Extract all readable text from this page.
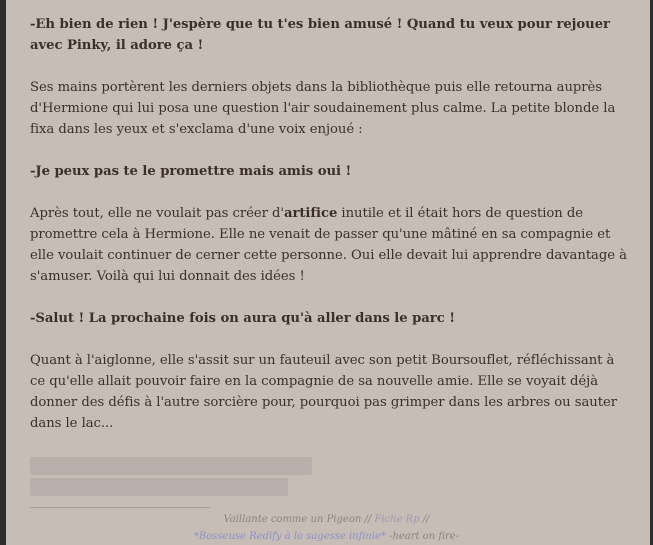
-Eh bien de rien ! J'espère que tu t'es bien amusé ! Quand tu veux pour rejouer avec Pinky, il adore ça !

Ses mains portèrent les derniers objets dans la bibliothèque puis elle retourna auprès d'Hermione qui lui posa une question l'air soudainement plus calme. La petite blonde la fixa dans les yeux et s'exclama d'une voix enjoué :

-Je peux pas te le promettre mais amis oui !

Après tout, elle ne voulait pas créer d'artifice inutile et il était hors de question de promettre cela à Hermione. Elle ne venait de passer qu'une mâtiné en sa compagnie et elle voulait continuer de cerner cette personne. Oui elle devait lui apprendre davantage à s'amuser. Voilà qui lui donnait des idées !

-Salut ! La prochaine fois on aura qu'à aller dans le parc !

Quant à l'aiglonne, elle s'assit sur un fauteuil avec son petit Boursouflet, réfléchissant à ce qu'elle allait pouvoir faire en la compagnie de sa nouvelle amie. Elle se voyait déjà donner des défis à l'autre sorcière pour, pourquoi pas grimper dans les arbres ou sauter dans le lac...

Vaillante comme un Pigeon // Fiche Rp //
*Bosseuse Redify à la sagesse infinie* -heart on fire-
